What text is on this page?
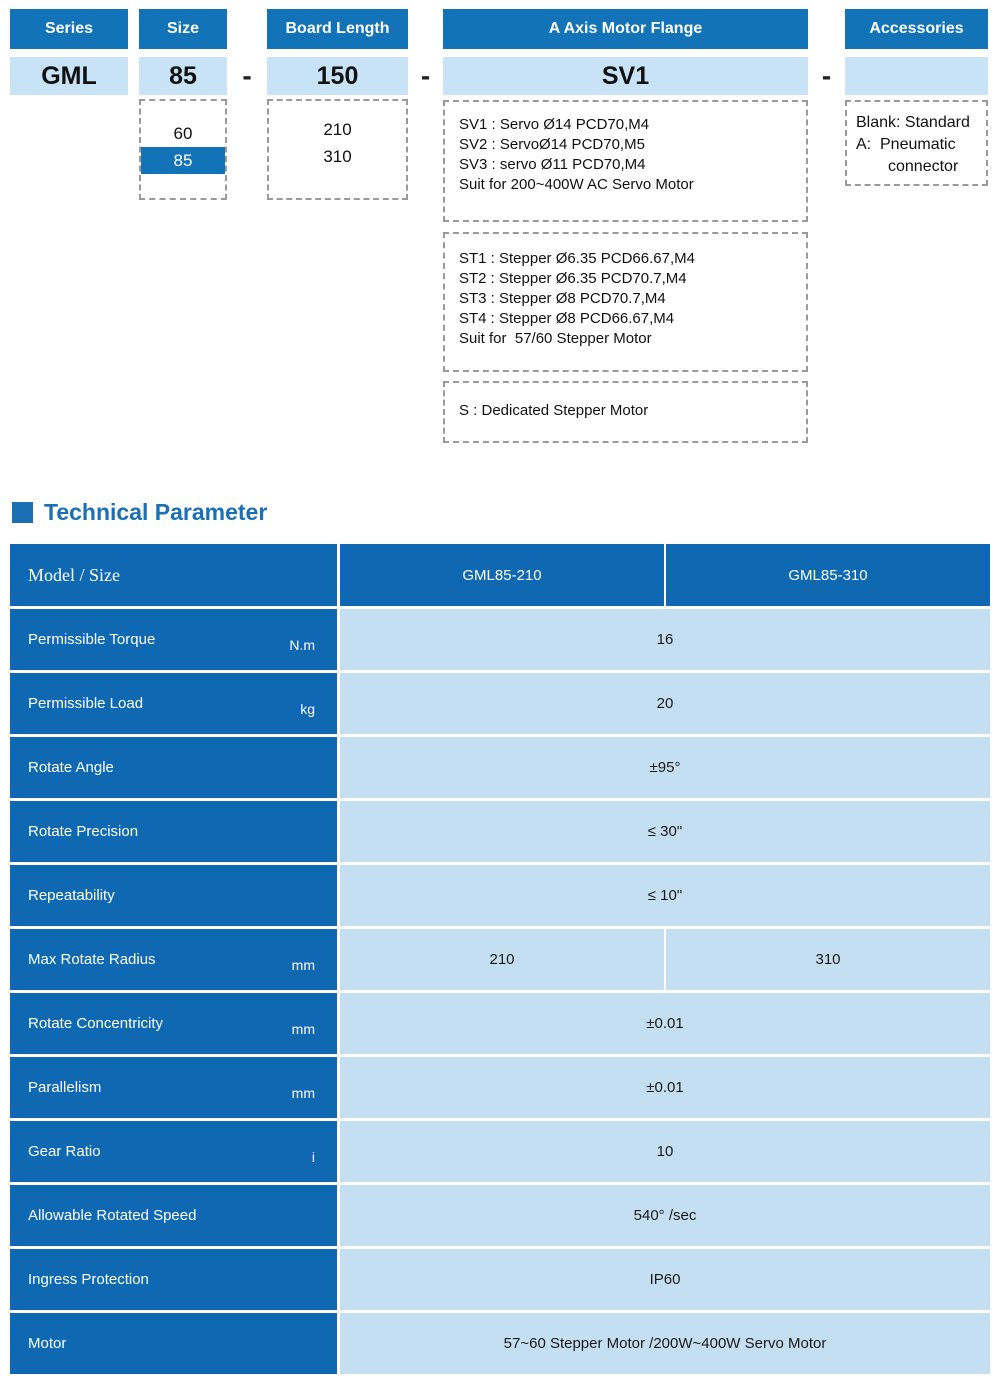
Series
GML
Size
85
60
85
-
Board Length
150
210
310
-
A Axis Motor Flange
SV1
SV1 : Servo Ø14 PCD70,M4
SV2 : ServoØ14 PCD70,M5
SV3 : servo Ø11 PCD70,M4
Suit for 200~400W AC Servo Motor
ST1 : Stepper Ø6.35 PCD66.67,M4
ST2 : Stepper Ø6.35 PCD70.7,M4
ST3 : Stepper Ø8 PCD70.7,M4
ST4 : Stepper Ø8 PCD66.67,M4
Suit for  57/60 Stepper Motor
S : Dedicated Stepper Motor
-
Accessories
Blank: Standard
A:  Pneumatic
connector
Technical Parameter
Model / Size	GML85-210	GML85-310
Permissible Torque	N.m	16
Permissible Load	kg	20
Rotate Angle	±95°
Rotate Precision	≤ 30"
Repeatability	≤ 10"
Max Rotate Radius	mm	210	310
Rotate Concentricity	mm	±0.01
Parallelism	mm	±0.01
Gear Ratio	i	10
Allowable Rotated Speed	540° /sec
Ingress Protection	IP60
Motor	57~60 Stepper Motor /200W~400W Servo Motor
